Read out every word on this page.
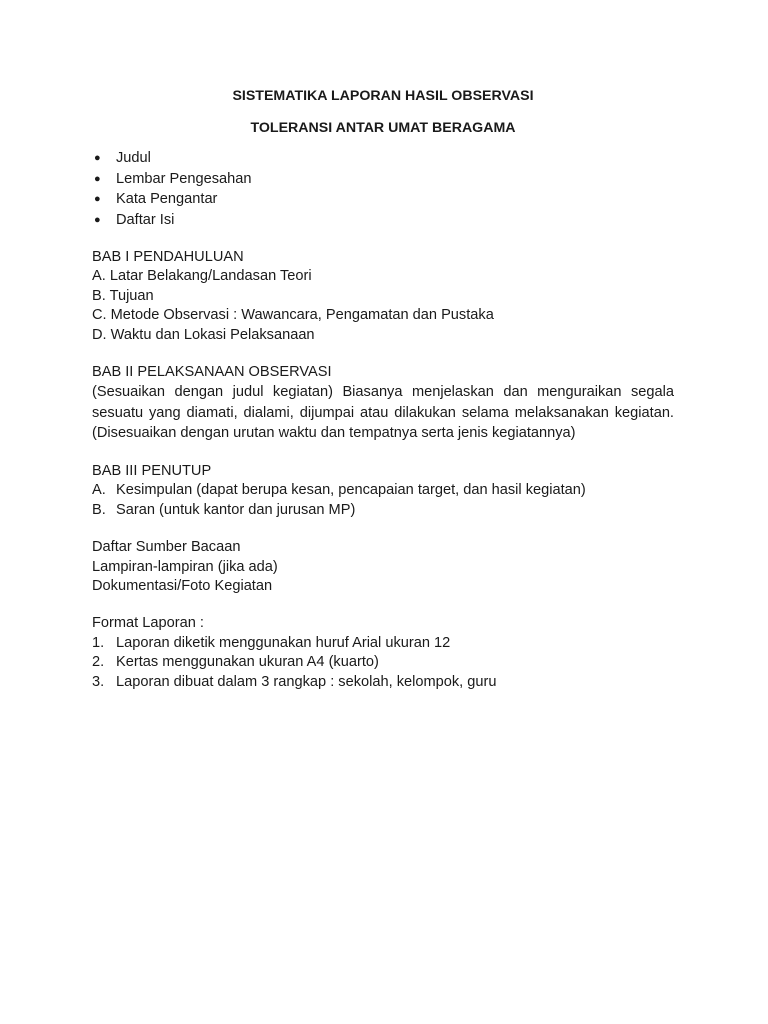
SISTEMATIKA LAPORAN HASIL OBSERVASI

TOLERANSI ANTAR UMAT BERAGAMA

● Judul
● Lembar Pengesahan
● Kata Pengantar
● Daftar Isi
BAB I PENDAHULUAN
A. Latar Belakang/Landasan Teori
B. Tujuan
C. Metode Observasi : Wawancara, Pengamatan dan Pustaka
D. Waktu dan Lokasi Pelaksanaan
BAB II PELAKSANAAN OBSERVASI

(Sesuaikan dengan judul kegiatan) Biasanya menjelaskan dan menguraikan segala sesuatu yang diamati, dialami, dijumpai atau dilakukan selama melaksanakan kegiatan. (Disesuaikan dengan urutan waktu dan tempatnya serta jenis kegiatannya)

BAB III PENUTUP
A. Kesimpulan (dapat berupa kesan, pencapaian target, dan hasil kegiatan)
B. Saran (untuk kantor dan jurusan MP)
Daftar Sumber Bacaan
Lampiran-lampiran (jika ada)
Dokumentasi/Foto Kegiatan
Format Laporan :
1. Laporan diketik menggunakan huruf Arial ukuran 12
2. Kertas menggunakan ukuran A4 (kuarto)
3. Laporan dibuat dalam 3 rangkap : sekolah, kelompok, guru
